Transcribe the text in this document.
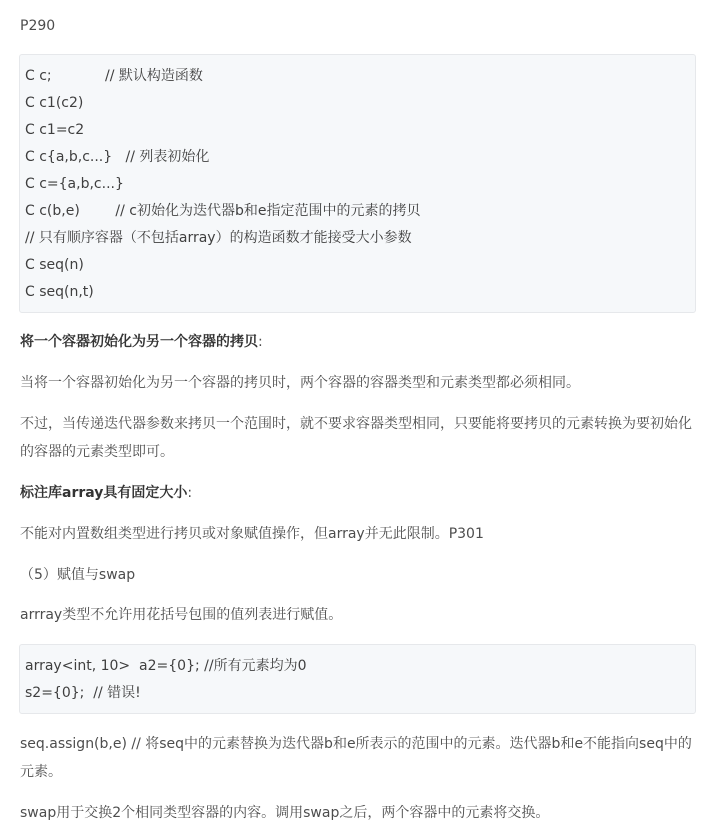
P290

C c;            // 默认构造函数
C c1(c2)
C c1=c2
C c{a,b,c...}   // 列表初始化
C c={a,b,c...}
C c(b,e)        // c初始化为迭代器b和e指定范围中的元素的拷贝
// 只有顺序容器（不包括array）的构造函数才能接受大小参数
C seq(n)
C seq(n,t)

将一个容器初始化为另一个容器的拷贝:

当将一个容器初始化为另一个容器的拷贝时，两个容器的容器类型和元素类型都必须相同。

不过，当传递迭代器参数来拷贝一个范围时，就不要求容器类型相同，只要能将要拷贝的元素转换为要初始化的容器的元素类型即可。

标注库array具有固定大小:

不能对内置数组类型进行拷贝或对象赋值操作，但array并无此限制。P301

（5）赋值与swap

arrray类型不允许用花括号包围的值列表进行赋值。

array<int, 10>  a2={0}; //所有元素均为0
s2={0};  // 错误!

seq.assign(b,e) // 将seq中的元素替换为迭代器b和e所表示的范围中的元素。迭代器b和e不能指向seq中的元素。

swap用于交换2个相同类型容器的内容。调用swap之后，两个容器中的元素将交换。
